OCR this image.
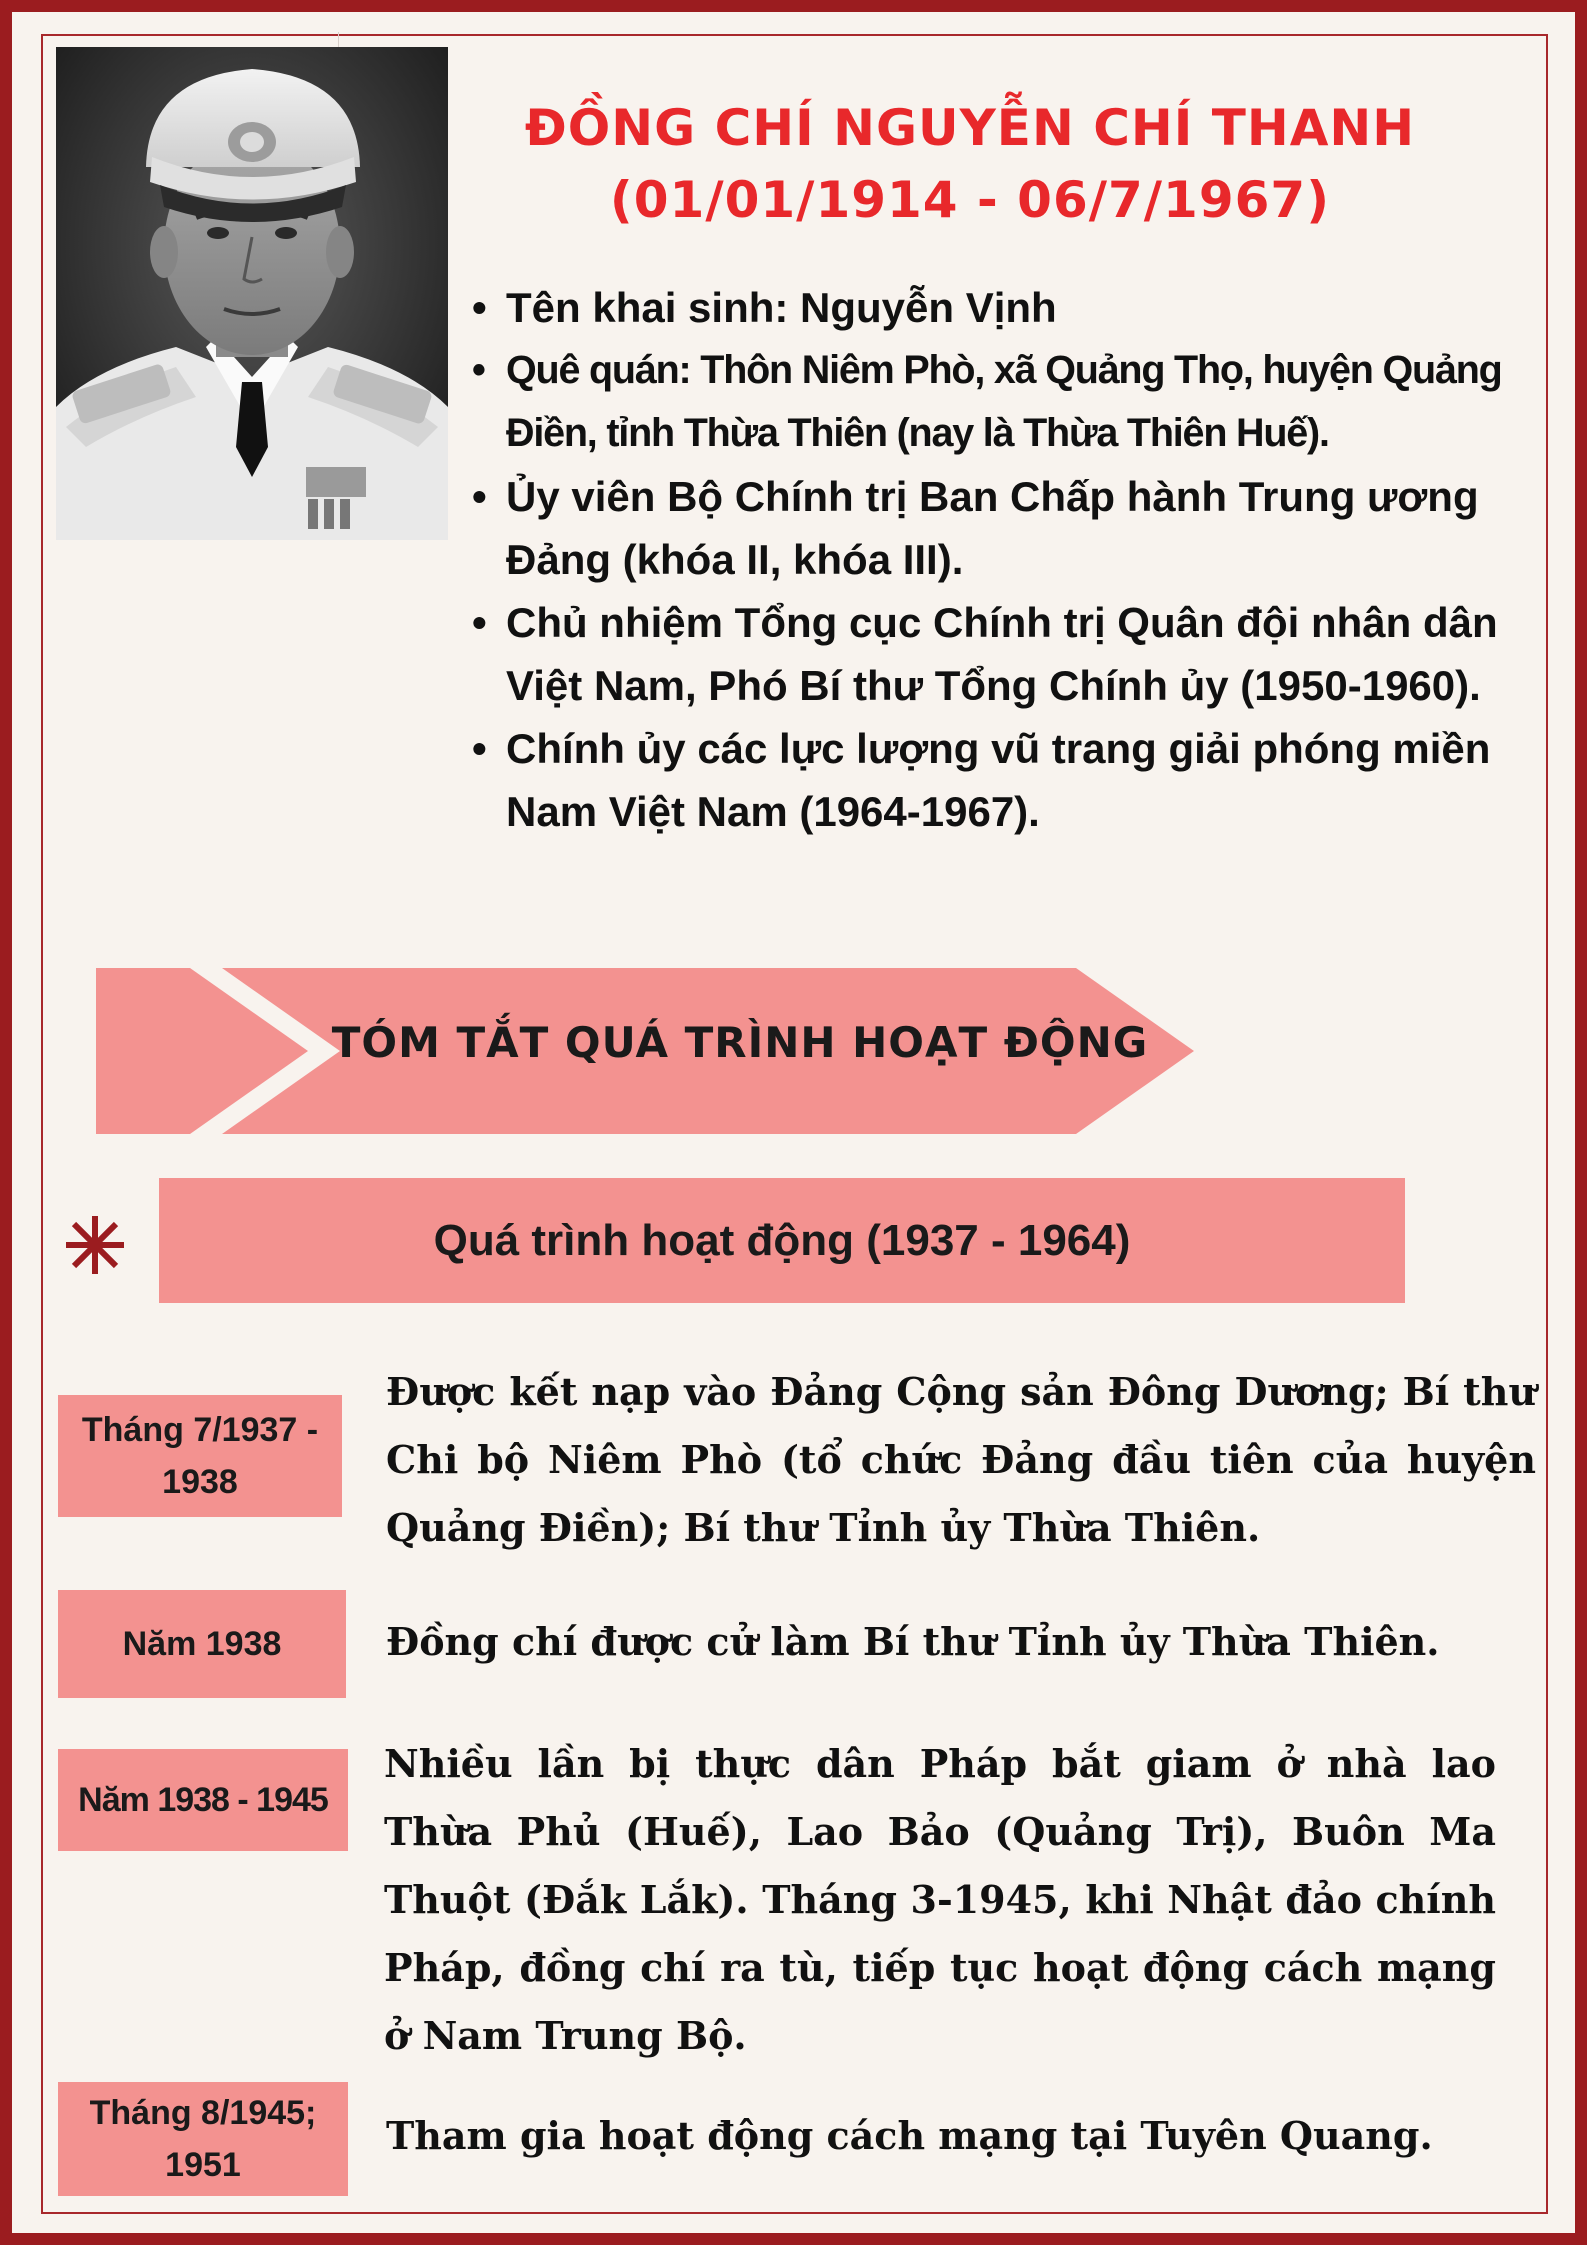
ĐỒNG CHÍ NGUYỄN CHÍ THANH
(01/01/1914 - 06/7/1967)
• Tên khai sinh: Nguyễn Vịnh
• Quê quán: Thôn Niêm Phò, xã Quảng Thọ, huyện Quảng Điền, tỉnh Thừa Thiên (nay là Thừa Thiên Huế).
• Ủy viên Bộ Chính trị Ban Chấp hành Trung ương Đảng (khóa II, khóa III).
• Chủ nhiệm Tổng cục Chính trị Quân đội nhân dân Việt Nam, Phó Bí thư Tổng Chính ủy (1950-1960).
• Chính ủy các lực lượng vũ trang giải phóng miền Nam Việt Nam (1964-1967).
TÓM TẮT QUÁ TRÌNH HOẠT ĐỘNG
Quá trình hoạt động (1937 - 1964)
Tháng 7/1937 - 1938
Được kết nạp vào Đảng Cộng sản Đông Dương; Bí thư Chi bộ Niêm Phò (tổ chức Đảng đầu tiên của huyện Quảng Điền); Bí thư Tỉnh ủy Thừa Thiên.
Năm 1938	Đồng chí được cử làm Bí thư Tỉnh ủy Thừa Thiên.
Năm 1938 - 1945
Nhiều lần bị thực dân Pháp bắt giam ở nhà lao Thừa Phủ (Huế), Lao Bảo (Quảng Trị), Buôn Ma Thuột (Đắk Lắk). Tháng 3-1945, khi Nhật đảo chính Pháp, đồng chí ra tù, tiếp tục hoạt động cách mạng ở Nam Trung Bộ.
Tháng 8/1945; 1951
Tham gia hoạt động cách mạng tại Tuyên Quang.
